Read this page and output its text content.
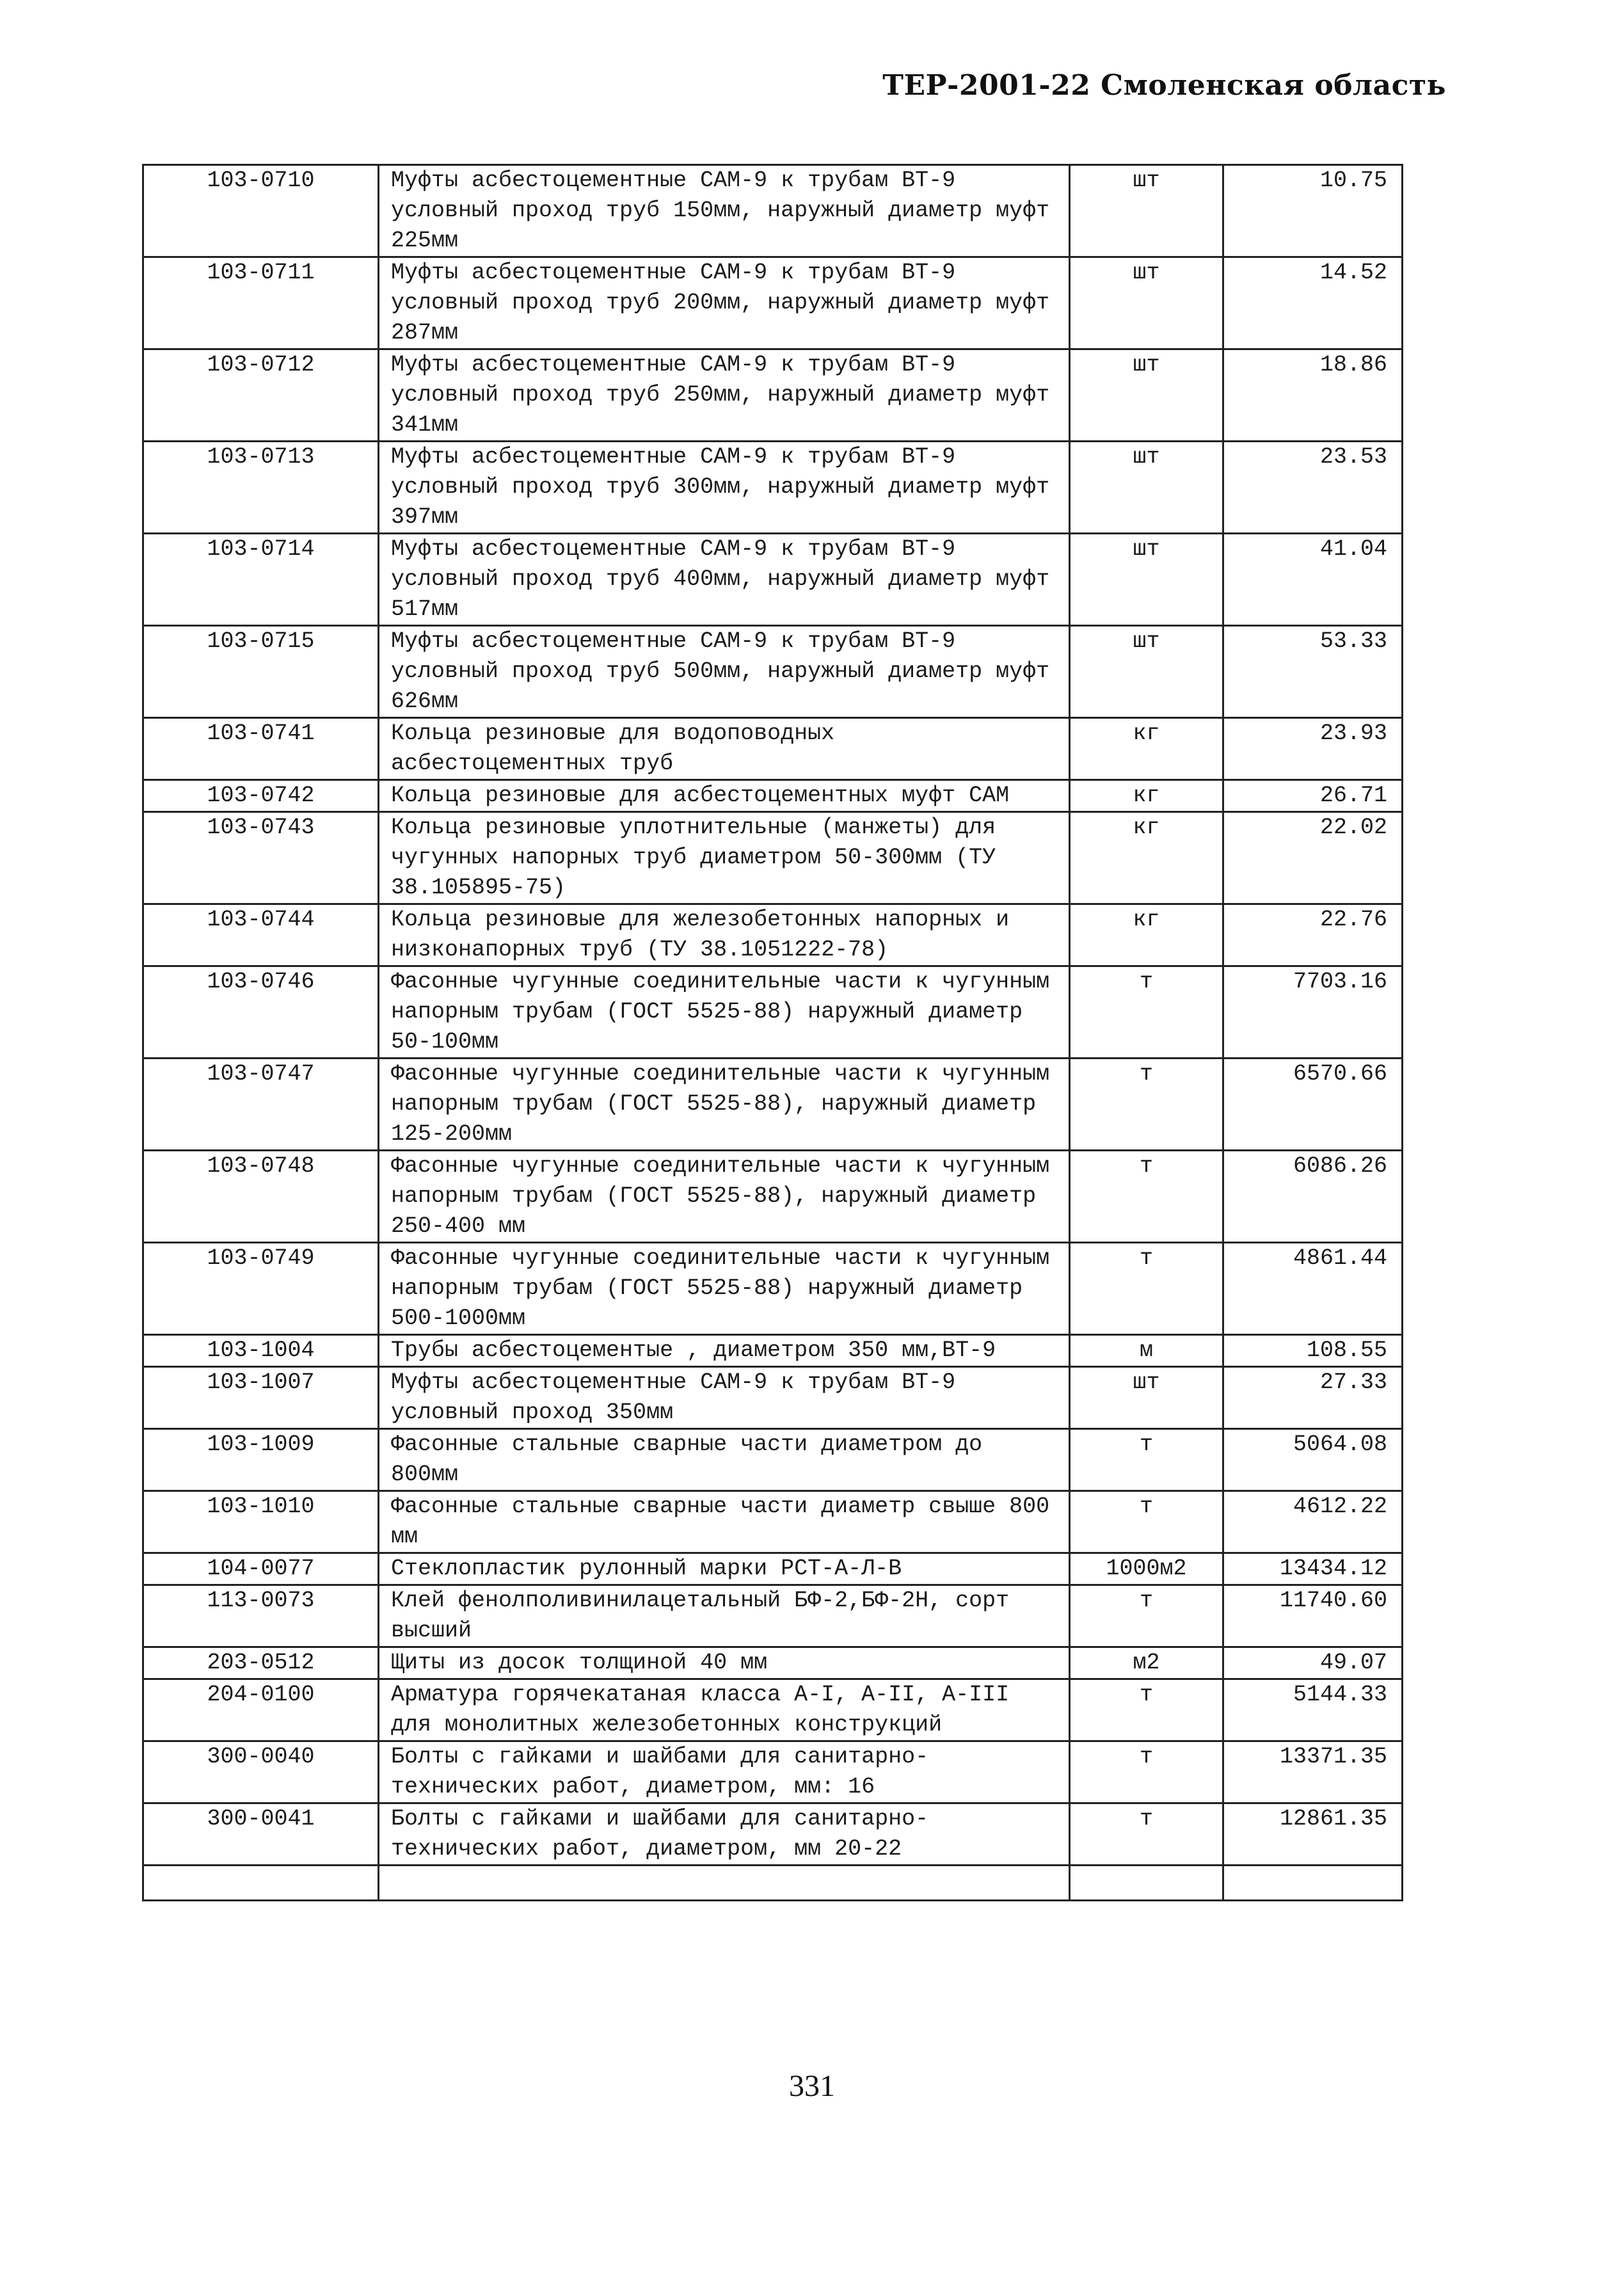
ТЕР-2001-22 Смоленская область
103-0710	Муфты асбестоцементные САМ-9 к трубам ВТ-9 условный проход труб 150мм, наружный диаметр муфт 225мм	шт	10.75
103-0711	Муфты асбестоцементные САМ-9 к трубам ВТ-9 условный проход труб 200мм, наружный диаметр муфт 287мм	шт	14.52
103-0712	Муфты асбестоцементные САМ-9 к трубам ВТ-9 условный проход труб 250мм, наружный диаметр муфт 341мм	шт	18.86
103-0713	Муфты асбестоцементные САМ-9 к трубам ВТ-9 условный проход труб 300мм, наружный диаметр муфт 397мм	шт	23.53
103-0714	Муфты асбестоцементные САМ-9 к трубам ВТ-9 условный проход труб 400мм, наружный диаметр муфт 517мм	шт	41.04
103-0715	Муфты асбестоцементные САМ-9 к трубам ВТ-9 условный проход труб 500мм, наружный диаметр муфт 626мм	шт	53.33
103-0741	Кольца резиновые для водоповодных асбестоцементных труб	кг	23.93
103-0742	Кольца резиновые для асбестоцементных муфт САМ	кг	26.71
103-0743	Кольца резиновые уплотнительные (манжеты) для чугунных напорных труб диаметром 50-300мм (ТУ 38.105895-75)	кг	22.02
103-0744	Кольца резиновые для железобетонных напорных и низконапорных труб (ТУ 38.1051222-78)	кг	22.76
103-0746	Фасонные чугунные соединительные части к чугунным напорным трубам (ГОСТ 5525-88) наружный диаметр 50-100мм	т	7703.16
103-0747	Фасонные чугунные соединительные части к чугунным напорным трубам (ГОСТ 5525-88), наружный диаметр 125-200мм	т	6570.66
103-0748	Фасонные чугунные соединительные части к чугунным напорным трубам (ГОСТ 5525-88), наружный диаметр 250-400 мм	т	6086.26
103-0749	Фасонные чугунные соединительные части к чугунным напорным трубам (ГОСТ 5525-88) наружный диаметр 500-1000мм	т	4861.44
103-1004	Трубы асбестоцементые , диаметром 350 мм,ВТ-9	м	108.55
103-1007	Муфты асбестоцементные САМ-9 к трубам ВТ-9 условный проход 350мм	шт	27.33
103-1009	Фасонные стальные сварные части диаметром до 800мм	т	5064.08
103-1010	Фасонные стальные сварные части диаметр свыше 800 мм	т	4612.22
104-0077	Стеклопластик рулонный марки РСТ-А-Л-В	1000м2	13434.12
113-0073	Клей фенолполивинилацетальный БФ-2,БФ-2Н, сорт высший	т	11740.60
203-0512	Щиты из досок толщиной 40 мм	м2	49.07
204-0100	Арматура горячекатаная класса А-I, А-II, А-III для монолитных железобетонных конструкций	т	5144.33
300-0040	Болты с гайками и шайбами для санитарно-технических работ, диаметром, мм: 16	т	13371.35
300-0041	Болты с гайками и шайбами для санитарно-технических работ, диаметром, мм 20-22	т	12861.35

331
